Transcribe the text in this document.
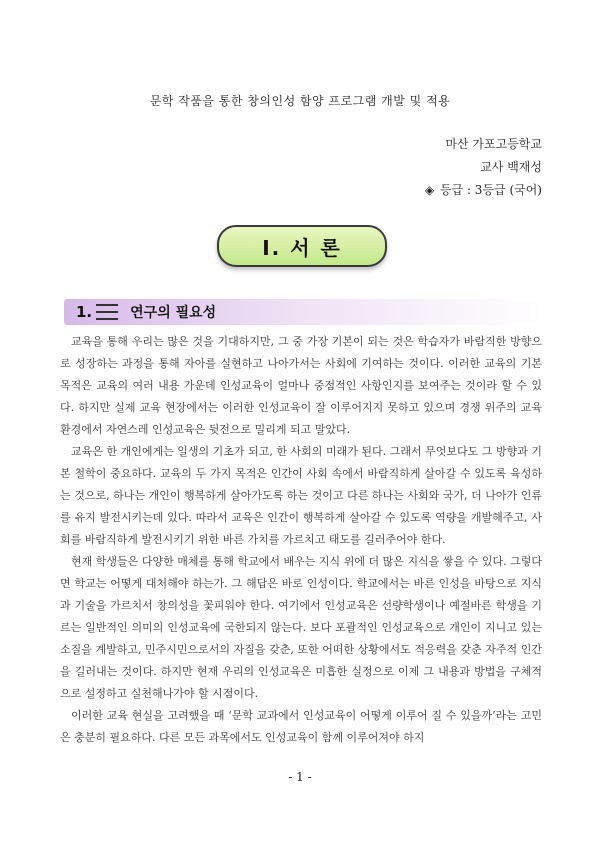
문학 작품을 통한 창의인성 함양 프로그램 개발 및 적용
마산 가포고등학교
교사 백재성
◈ 등급 : 3등급 (국어)
Ⅰ. 서 론
1.	연구의 필요성

교육을 통해 우리는 많은 것을 기대하지만, 그 중 가장 기본이 되는 것은 학습자가 바람직한 방향으로 성장하는 과정을 통해 자아를 실현하고 나아가서는 사회에 기여하는 것이다. 이러한 교육의 기본 목적은 교육의 여러 내용 가운데 인성교육이 얼마나 중점적인 사항인지를 보여주는 것이라 할 수 있다. 하지만 실제 교육 현장에서는 이러한 인성교육이 잘 이루어지지 못하고 있으며 경쟁 위주의 교육환경에서 자연스레 인성교육은 뒷전으로 밀리게 되고 말았다.

교육은 한 개인에게는 일생의 기초가 되고, 한 사회의 미래가 된다. 그래서 무엇보다도 그 방향과 기본 철학이 중요하다. 교육의 두 가지 목적은 인간이 사회 속에서 바람직하게 살아갈 수 있도록 육성하는 것으로, 하나는 개인이 행복하게 살아가도록 하는 것이고 다른 하나는 사회와 국가, 더 나아가 인류를 유지 발전시키는데 있다. 따라서 교육은 인간이 행복하게 살아갈 수 있도록 역량을 개발해주고, 사회를 바람직하게 발전시키기 위한 바른 가치를 가르치고 태도를 길러주어야 한다.

현재 학생들은 다양한 매체를 통해 학교에서 배우는 지식 위에 더 많은 지식을 쌓을 수 있다. 그렇다면 학교는 어떻게 대처해야 하는가. 그 해답은 바로 인성이다. 학교에서는 바른 인성을 바탕으로 지식과 기술을 가르치서 창의성을 꽃피워야 한다. 여기에서 인성교육은 선량학생이나 예절바른 학생을 기르는 일반적인 의미의 인성교육에 국한되지 않는다. 보다 포괄적인 인성교육으로 개인이 지니고 있는 소질을 계발하고, 민주시민으로서의 자질을 갖춘, 또한 어떠한 상황에서도 적응력을 갖춘 자주적 인간을 길러내는 것이다. 하지만 현재 우리의 인성교육은 미흡한 실정으로 이제 그 내용과 방법을 구체적으로 설정하고 실천해나가야 할 시점이다.

이러한 교육 현실을 고려했을 때 ‘문학 교과에서 인성교육이 어떻게 이루어 질 수 있을까’라는 고민은 충분히 필요하다. 다른 모든 과목에서도 인성교육이 함께 이루어져야 하지

- 1 -
